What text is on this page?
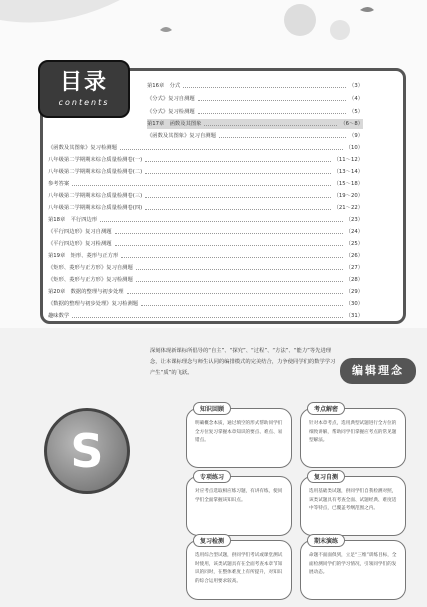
目录
contents
第16章　分式	（3）
《分式》复习自测题	（4）
《分式》复习检测题	（5）
第17章　函数及其图象	（6～8）
《函数及其图象》复习自测题	（9）
《函数及其图象》复习检测题	（10）
八年级第二学期期末综合质量检测卷(一)	（11～12）
八年级第二学期期末综合质量检测卷(二)	（13～14）
参考答案	（15～18）
八年级第二学期期末综合质量检测卷(三)	（19～20）
八年级第二学期期末综合质量检测卷(四)	（21～22）
第18章　平行四边形	（23）
《平行四边形》复习自测题	（24）
《平行四边形》复习检测题	（25）
第19章　矩形、菱形与正方形	（26）
《矩形、菱形与正方形》复习自测题	（27）
《矩形、菱形与正方形》复习检测题	（28）
第20章　数据的整理与初步处理	（29）
《数据的整理与初步处理》复习检测题	（30）
趣味数学	（31）
深刻体现新课标所倡导的“自主”、“探究”、“过程”、“方法”、“能力”等先进理念，让本课标理念与师生认同的编排模式的完美结合，力争使同学们的数学学习产生“质”的飞跃。	编辑理念
S
知识回顾
明确概念本质，通过填空的形式帮助同学们全方位复习掌握本章知识的要点、难点、易错点。
考点解密
针对本章考点，选用典型试题进行全方位的细致讲解，帮助同学们掌握应考点的常见题型解法。
专项练习
对应考点选取相应练习题，有讲有练，使同学们全面掌握该知识点。
复习自测
选用基础类试题，供同学们自我检测对照，该类试题具有考查全面、试题经典、难度适中等特点，已覆盖考纲范围之内。
复习检测
选用综合型试题，供同学们考试或课堂测试时使用，该类试题具有在全面考查本章节知识的同时，在整体难度上有所提升，对知识的综合运用要求较高。
期末演练
命题不面面俱到，立足“三维”训练目标，全面检测同学们的学习情况，引领同学们的发展动态。
